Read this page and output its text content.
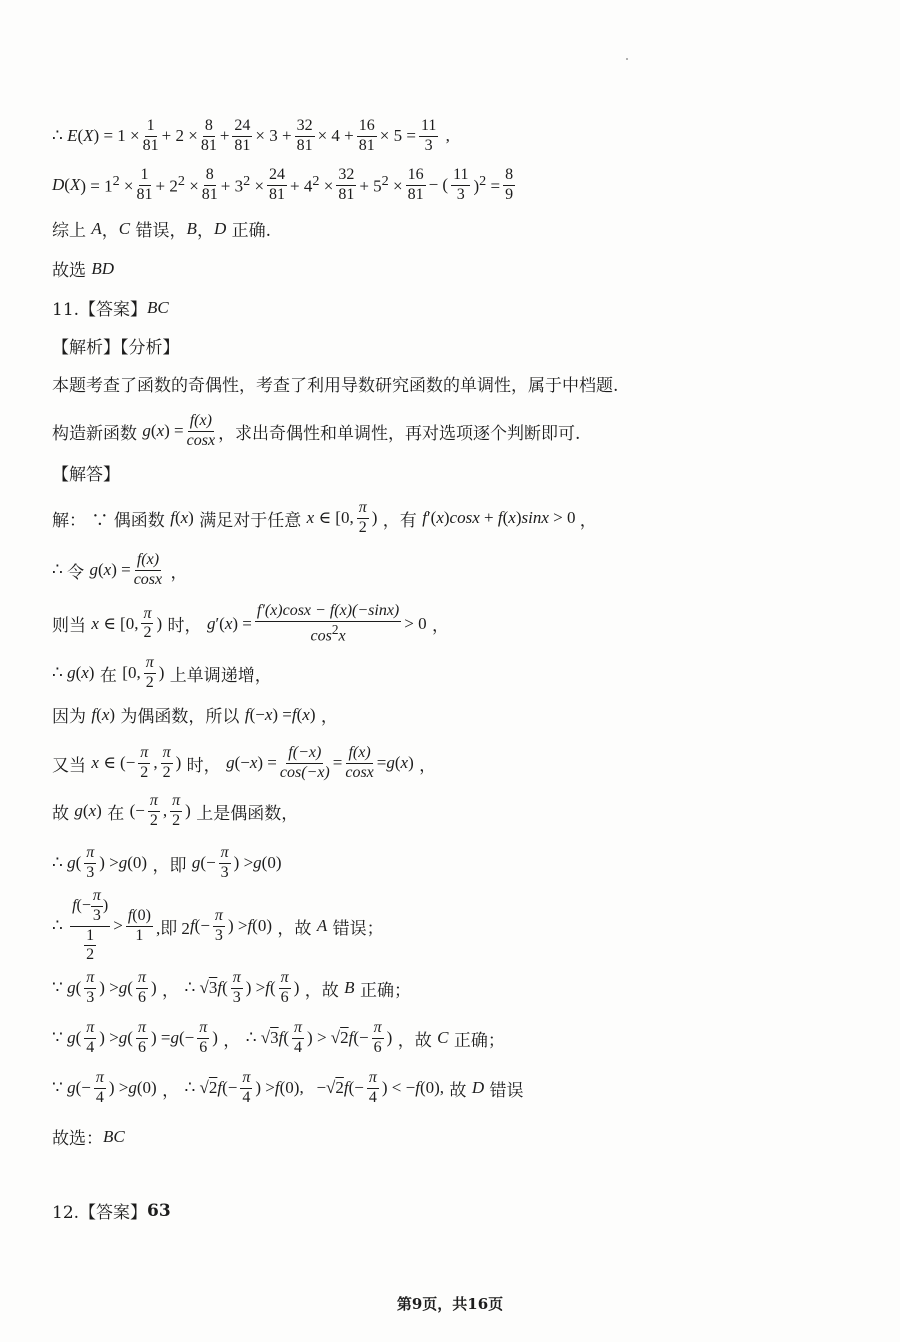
∴ E ( X ) = $1 \times \frac{1}{81} + 2 \times \frac{8}{81} + \frac{24}{81} \times 3 + \frac{32}{81} \times 4 + \frac{16}{81} \times 5 = \frac{11}{3}$ ,
D ( X ) = $1^2 \times \frac{1}{81} + 2^2 \times \frac{8}{81} + 3^2 \times \frac{24}{81} + 4^2 \times \frac{32}{81} + 5^2 \times \frac{16}{81}$ − ( $\frac{11}{3} )^2 = \frac{8}{9}$
综上 A ， C 错误， B ， D 正确.
故选 BD
11.【答案】 BC
【解析】【分析】
本题考查了函数的奇偶性，考查了利用导数研究函数的单调性，属于中档题.
构造新函数 g ( x ) = $\frac{f(x)}{\cos x}$ ，求出奇偶性和单调性，再对选项逐个判断即可.
【解答】
解： ∵ 偶函数 f ( x ) 满足对于任意 x ∈ [0, $\frac{\pi}{2}$ ) ，有 f ′( x ) cosx + f ( x ) sinx > 0 ，
∴ 令 g ( x ) = $\frac{f(x)}{\cos x}$ ，
则当 x ∈ [0, $\frac{\pi}{2}$ ) 时， g ′( x ) = $\frac{f'(x)\cos x - f(x)(-\sin x)}{\cos^2x} > 0$ ，
∴ g ( x ) 在 [0, $\frac{\pi}{2}$ ) 上单调递增，
因为 f ( x ) 为偶函数，所以 f (− x ) = f ( x ) ，
又当 x ∈ (− $\frac{\pi}{2}$ , $\frac{\pi}{2}$ ) 时， g (− x ) = $\frac{f(-x)}{\cos(-x)} = \frac{f(x)}{\cos x} = g$ ( x ) ，
故 g ( x ) 在 (− $\frac{\pi}{2}$ , $\frac{\pi}{2}$ ) 上是偶函数，
∴ g ( $\frac{\pi}{3}$ ) > g (0) ，即 g (− $\frac{\pi}{3}$ ) > g (0)
∴ $\frac{f(- \frac{\pi}{3} )}{\frac{1}{2}} > \frac{f(0)}{1}$ ,即 2 f (− $\frac{\pi}{3}$ ) > f (0) ，故 A 错误；
∵ g ( $\frac{\pi}{3}$ ) > g ( $\frac{\pi}{6}$ ) ， ∴ √3 f ( $\frac{\pi}{3}$ ) > f ( $\frac{\pi}{6}$ ) ，故 B 正确；
∵ g ( $\frac{\pi}{4}$ ) > g ( $\frac{\pi}{6}$ ) = g (− $\frac{\pi}{6}$ ) ， ∴ √3 f ( $\frac{\pi}{4}$ ) > √2 f (− $\frac{\pi}{6}$ ) ，故 C 正确；
∵ g (− $\frac{\pi}{4}$ ) > g (0) ， ∴ √2 f (− $\frac{\pi}{4}$ ) > f (0),   −√2 f (− $\frac{\pi}{4}$ ) < − f (0), 故 D 错误
故选： BC
12.【答案】 63
第9页，共16页
